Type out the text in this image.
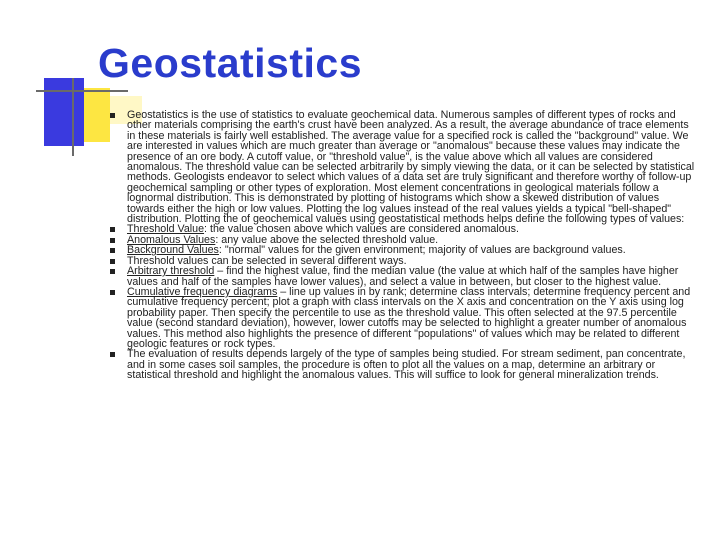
Geostatistics
Geostatistics is the use of statistics to evaluate geochemical data. Numerous samples of different types of rocks and other materials comprising the earth's crust have been analyzed. As a result, the average abundance of trace elements in these materials is fairly well established. The average value for a specified rock is called the "background" value. We are interested in values which are much greater than average or "anomalous" because these values may indicate the presence of an ore body. A cutoff value, or "threshold value", is the value above which all values are considered anomalous. The threshold value can be selected arbitrarily by simply viewing the data, or it can be selected by statistical methods. Geologists endeavor to select which values of a data set are truly significant and therefore worthy of follow-up geochemical sampling or other types of exploration. Most element concentrations in geological materials follow a lognormal distribution. This is demonstrated by plotting of histograms which show a skewed distribution of values towards either the high or low values. Plotting the log values instead of the real values yields a typical "bell-shaped" distribution. Plotting the of geochemical values using geostatistical methods helps define the following types of values:
Threshold Value: the value chosen above which values are considered anomalous.
Anomalous Values: any value above the selected threshold value.
Background Values: "normal" values for the given environment; majority of values are background values.
Threshold values can be selected in several different ways.
Arbitrary threshold – find the highest value, find the median value (the value at which half of the samples have higher values and half of the samples have lower values), and select a value in between, but closer to the highest value.
Cumulative frequency diagrams – line up values in by rank; determine class intervals; determine frequency percent and cumulative frequency percent; plot a graph with class intervals on the X axis and concentration on the Y axis using log probability paper. Then specify the percentile to use as the threshold value. This often selected at the 97.5 percentile value (second standard deviation), however, lower cutoffs may be selected to highlight a greater number of anomalous values. This method also highlights the presence of different "populations" of values which may be related to different geologic features or rock types.
The evaluation of results depends largely of the type of samples being studied. For stream sediment, pan concentrate, and in some cases soil samples, the procedure is often to plot all the values on a map, determine an arbitrary or statistical threshold and highlight the anomalous values. This will suffice to look for general mineralization trends.
